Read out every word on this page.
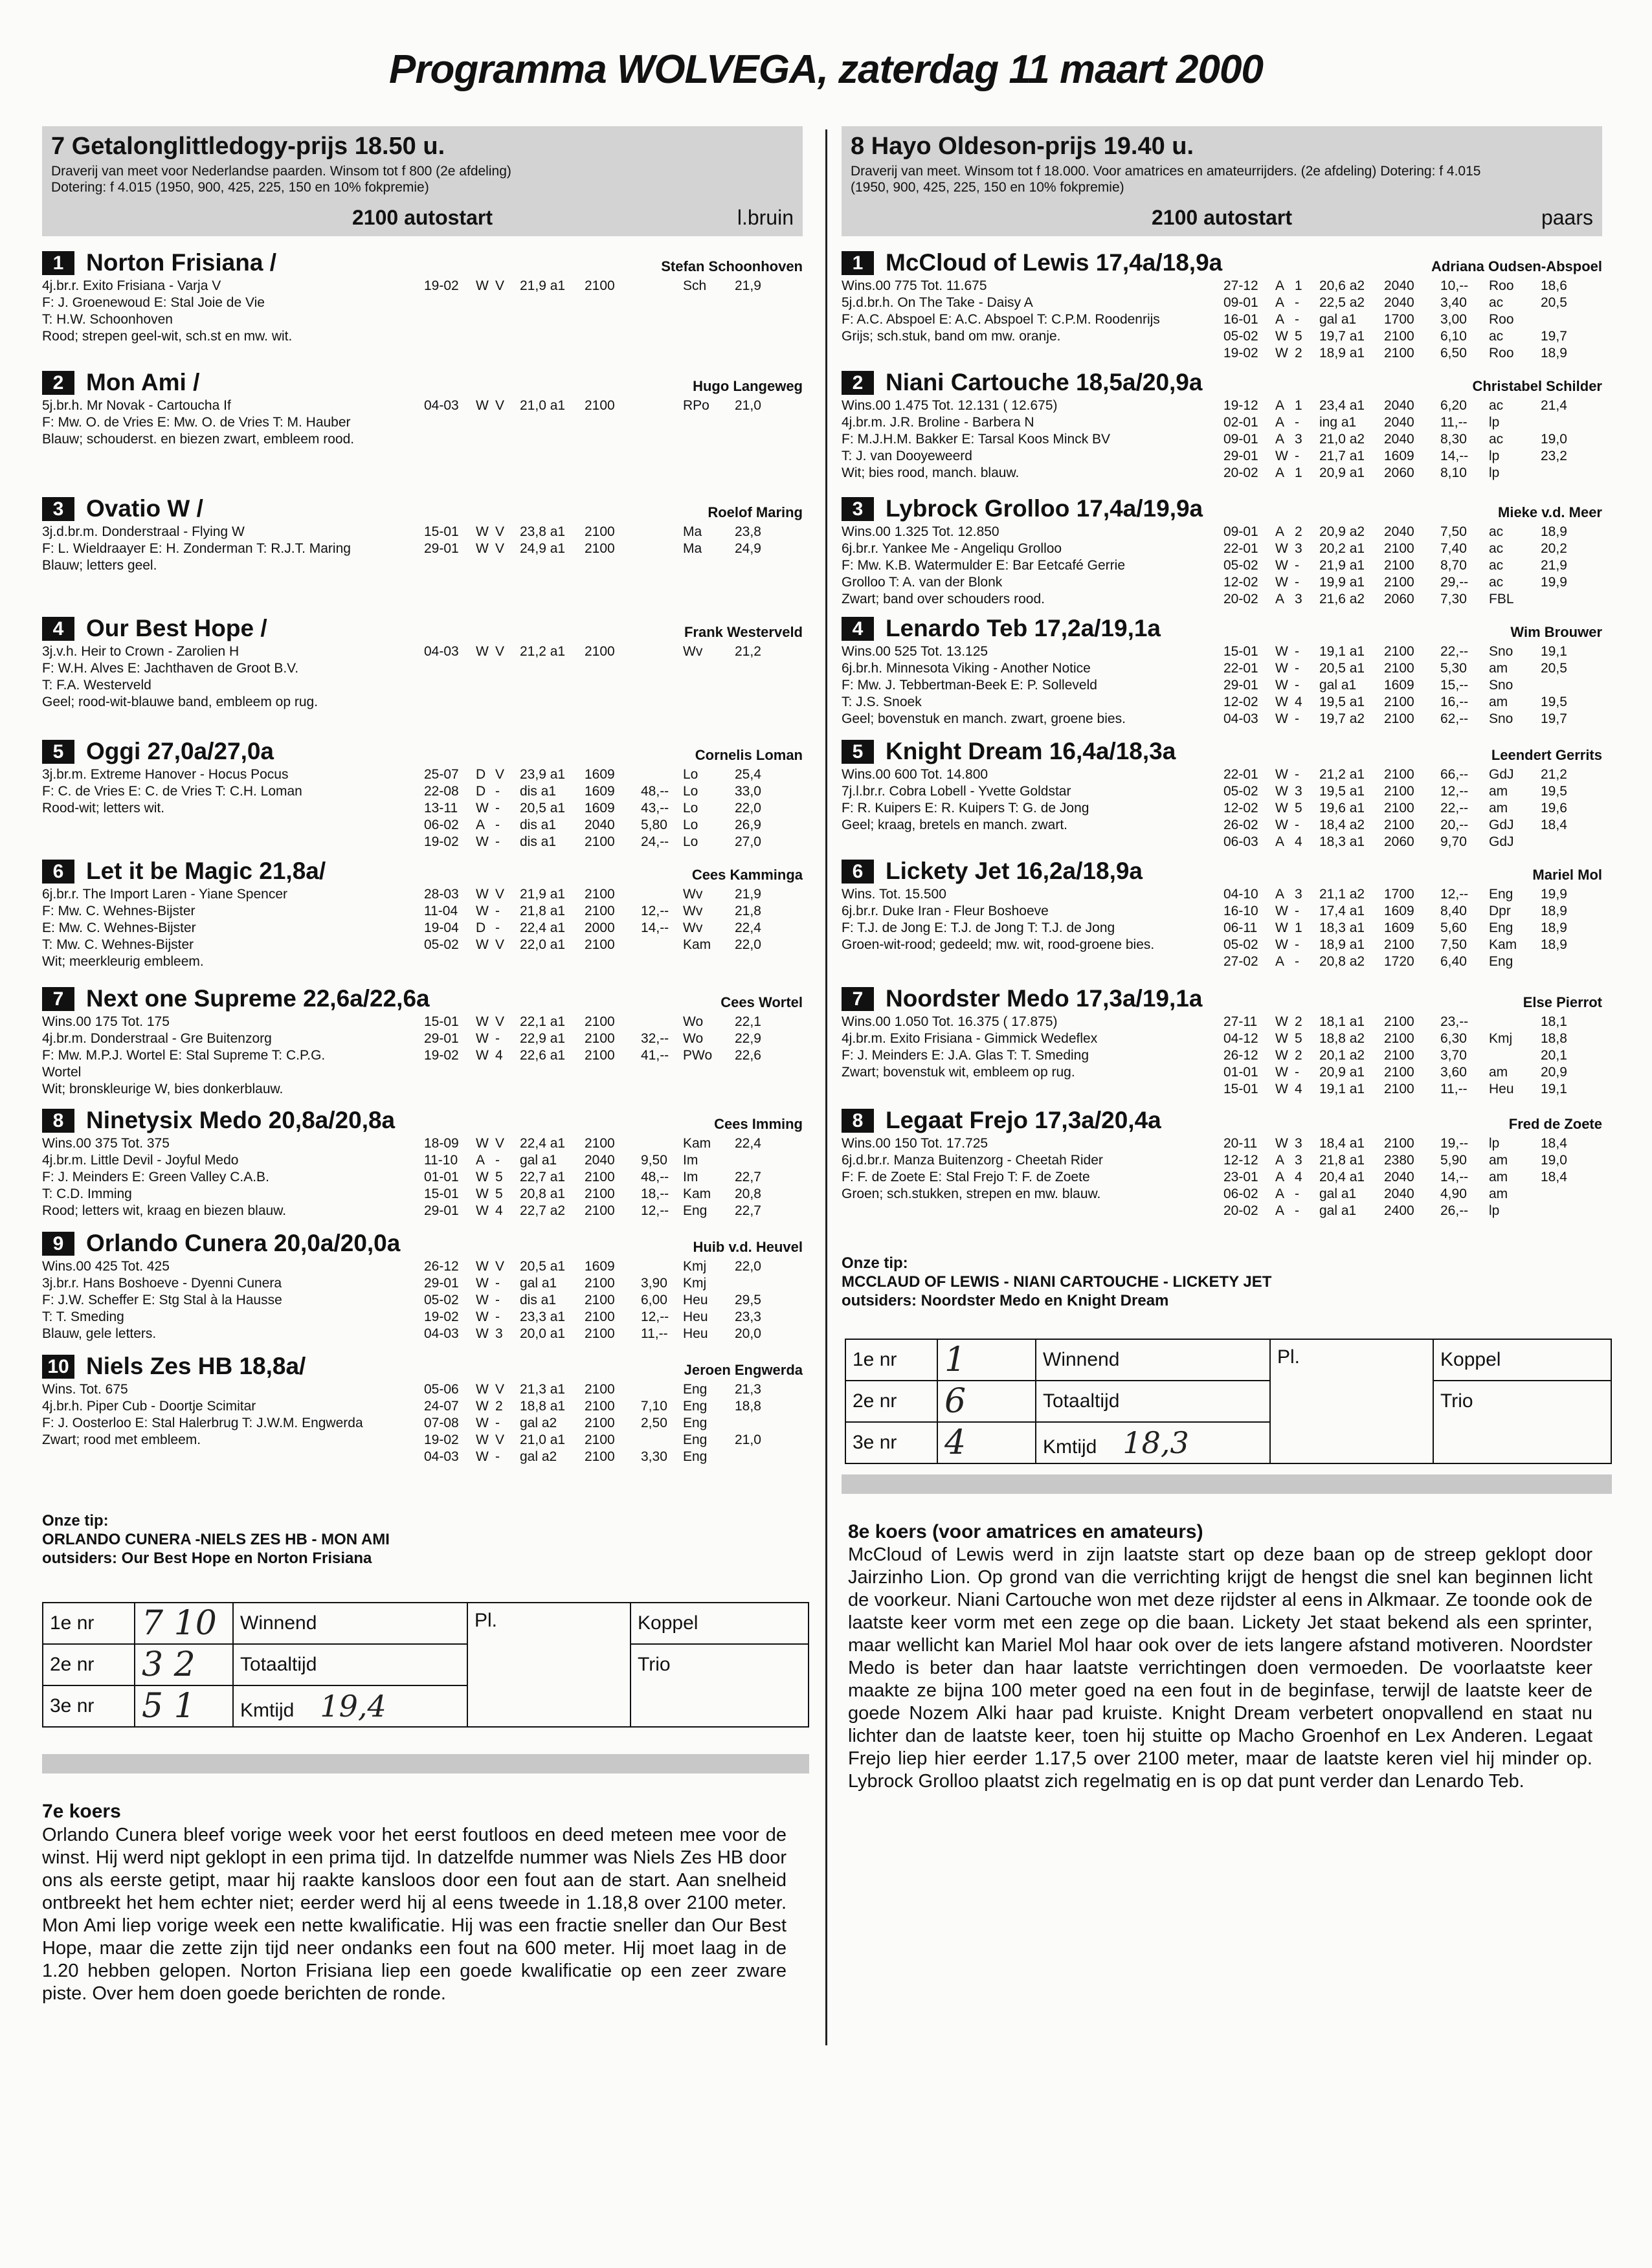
Programma WOLVEGA, zaterdag 11 maart 2000
7 Getalonglittledogy-prijs 18.50 u.
Draverij van meet voor Nederlandse paarden. Winsom tot f 800 (2e afdeling)
Dotering: f 4.015 (1950, 900, 425, 225, 150 en 10% fokpremie)
2100 autostart	l.bruin
1 Norton Frisiana /	Stefan Schoonhoven
4j.br.r. Exito Frisiana - Varja V
F: J. Groenewoud E: Stal Joie de Vie
T: H.W. Schoonhoven
Rood; strepen geel-wit, sch.st en mw. wit.
19-02 W V 21,9 a1 2100	Sch 21,9
2 Mon Ami /	Hugo Langeweg
5j.br.h. Mr Novak - Cartoucha If
F: Mw. O. de Vries E: Mw. O. de Vries T: M. Hauber
Blauw; schouderst. en biezen zwart, embleem rood.
04-03 W V 21,0 a1 2100	RPo 21,0
3 Ovatio W /	Roelof Maring
3j.d.br.m. Donderstraal - Flying W
F: L. Wieldraayer E: H. Zonderman T: R.J.T. Maring
Blauw; letters geel.
15-01 W V 23,8 a1 2100	Ma 23,8
29-01 W V 24,9 a1 2100	Ma 24,9
4 Our Best Hope /	Frank Westerveld
3j.v.h. Heir to Crown - Zarolien H
F: W.H. Alves E: Jachthaven de Groot B.V.
T: F.A. Westerveld
Geel; rood-wit-blauwe band, embleem op rug.
04-03 W V 21,2 a1 2100	Wv 21,2
5 Oggi 27,0a/27,0a	Cornelis Loman
3j.br.m. Extreme Hanover - Hocus Pocus
F: C. de Vries E: C. de Vries T: C.H. Loman
Rood-wit; letters wit.
25-07 D V 23,9 a1 1609	Lo	25,4
22-08 D - dis a1 1609 48,-- Lo	33,0
13-11 W - 20,5 a1 1609 43,-- Lo	22,0
06-02 A - dis a1 2040 5,80 Lo	26,9
19-02 W - dis a1 2100 24,-- Lo	27,0
6 Let it be Magic 21,8a/	Cees Kamminga
6j.br.r. The Import Laren - Yiane Spencer
F: Mw. C. Wehnes-Bijster
E: Mw. C. Wehnes-Bijster
T: Mw. C. Wehnes-Bijster
Wit; meerkleurig embleem.
28-03 W V 21,9 a1 2100	Wv 21,9
11-04 W - 21,8 a1 2100 12,-- Wv 21,8
19-04 D - 22,4 a1 2000 14,-- Wv 22,4
05-02 W V 22,0 a1 2100	Kam 22,0
7 Next one Supreme 22,6a/22,6a	Cees Wortel
Wins.00 175 Tot. 175
4j.br.m. Donderstraal - Gre Buitenzorg
F: Mw. M.P.J. Wortel E: Stal Supreme T: C.P.G.
Wortel
Wit; bronskleurige W, bies donkerblauw.
15-01 W V 22,1 a1 2100	Wo 22,1
29-01 W - 22,9 a1 2100 32,-- Wo 22,9
19-02 W 4 22,6 a1 2100 41,-- PWo 22,6
8 Ninetysix Medo 20,8a/20,8a	Cees Imming
Wins.00 375 Tot. 375
4j.br.m. Little Devil - Joyful Medo
F: J. Meinders E: Green Valley C.A.B.
T: C.D. Imming
Rood; letters wit, kraag en biezen blauw.
18-09 W V 22,4 a1 2100	Kam 22,4
11-10 A - gal a1 2040 9,50 Im
01-01 W 5 22,7 a1 2100 48,-- Im	22,7
15-01 W 5 20,8 a1 2100 18,-- Kam 20,8
29-01 W 4 22,7 a2 2100 12,-- Eng 22,7
9 Orlando Cunera 20,0a/20,0a	Huib v.d. Heuvel
Wins.00 425 Tot. 425
3j.br.r. Hans Boshoeve - Dyenni Cunera
F: J.W. Scheffer E: Stg Stal à la Hausse
T: T. Smeding
Blauw, gele letters.
26-12 W V 20,5 a1 1609	Kmj 22,0
29-01 W - gal a1 2100 3,90 Kmj
05-02 W - dis a1 2100 6,00 Heu 29,5
19-02 W - 23,3 a1 2100 12,-- Heu 23,3
04-03 W 3 20,0 a1 2100 11,-- Heu 20,0
10 Niels Zes HB 18,8a/	Jeroen Engwerda
Wins. Tot. 675
4j.br.h. Piper Cub - Doortje Scimitar
F: J. Oosterloo E: Stal Halerbrug T: J.W.M. Engwerda
Zwart; rood met embleem.
05-06 W V 21,3 a1 2100	Eng 21,3
24-07 W 2 18,8 a1 2100 7,10 Eng 18,8
07-08 W - gal a2 2100 2,50 Eng
19-02 W V 21,0 a1 2100	Eng 21,0
04-03 W - gal a2 2100 3,30 Eng
8 Hayo Oldeson-prijs 19.40 u.
Draverij van meet. Winsom tot f 18.000. Voor amatrices en amateurrijders. (2e afdeling) Dotering: f 4.015
(1950, 900, 425, 225, 150 en 10% fokpremie)
2100 autostart	paars
1 McCloud of Lewis 17,4a/18,9a	Adriana Oudsen-Abspoel
Wins.00 775 Tot. 11.675
5j.d.br.h. On The Take - Daisy A
F: A.C. Abspoel E: A.C. Abspoel T: C.P.M. Roodenrijs
Grijs; sch.stuk, band om mw. oranje.
27-12 A 1 20,6 a2 2040 10,-- Roo 18,6
09-01 A - 22,5 a2 2040 3,40 ac	20,5
16-01 A - gal a1 1700 3,00 Roo
05-02 W 5 19,7 a1 2100 6,10 ac	19,7
19-02 W 2 18,9 a1 2100 6,50 Roo 18,9
2 Niani Cartouche 18,5a/20,9a	Christabel Schilder
Wins.00 1.475 Tot. 12.131 ( 12.675)
4j.br.m. J.R. Broline - Barbera N
F: M.J.H.M. Bakker E: Tarsal Koos Minck BV
T: J. van Dooyeweerd
Wit; bies rood, manch. blauw.
19-12 A 1 23,4 a1 2040 6,20 ac	21,4
02-01 A - ing a1 2040 11,-- lp
09-01 A 3 21,0 a2 2040 8,30 ac	19,0
29-01 W - 21,7 a1 1609 14,-- lp	23,2
20-02 A 1 20,9 a1 2060 8,10 lp
3 Lybrock Grolloo 17,4a/19,9a	Mieke v.d. Meer
Wins.00 1.325 Tot. 12.850
6j.br.r. Yankee Me - Angeliqu Grolloo
F: Mw. K.B. Watermulder E: Bar Eetcafé Gerrie
Grolloo T: A. van der Blonk
Zwart; band over schouders rood.
09-01 A 2 20,9 a2 2040 7,50 ac	18,9
22-01 W 3 20,2 a1 2100 7,40 ac	20,2
05-02 W - 21,9 a1 2100 8,70 ac	21,9
12-02 W - 19,9 a1 2100 29,-- ac	19,9
20-02 A 3 21,6 a2 2060 7,30 FBL
4 Lenardo Teb 17,2a/19,1a	Wim Brouwer
Wins.00 525 Tot. 13.125
6j.br.h. Minnesota Viking - Another Notice
F: Mw. J. Tebbertman-Beek E: P. Solleveld
T: J.S. Snoek
Geel; bovenstuk en manch. zwart, groene bies.
15-01 W - 19,1 a1 2100 22,-- Sno 19,1
22-01 W - 20,5 a1 2100 5,30 am 20,5
29-01 W - gal a1 1609 15,-- Sno
12-02 W 4 19,5 a1 2100 16,-- am 19,5
04-03 W - 19,7 a2 2100 62,-- Sno 19,7
5 Knight Dream 16,4a/18,3a	Leendert Gerrits
Wins.00 600 Tot. 14.800
7j.l.br.r. Cobra Lobell - Yvette Goldstar
F: R. Kuipers E: R. Kuipers T: G. de Jong
Geel; kraag, bretels en manch. zwart.
22-01 W - 21,2 a1 2100 66,-- GdJ 21,2
05-02 W 3 19,5 a1 2100 12,-- am 19,5
12-02 W 5 19,6 a1 2100 22,-- am 19,6
26-02 W - 18,4 a2 2100 20,-- GdJ 18,4
06-03 A 4 18,3 a1 2060 9,70 GdJ
6 Lickety Jet 16,2a/18,9a	Mariel Mol
Wins. Tot. 15.500
6j.br.r. Duke Iran - Fleur Boshoeve
F: T.J. de Jong E: T.J. de Jong T: T.J. de Jong
Groen-wit-rood; gedeeld; mw. wit, rood-groene bies.
04-10 A 3 21,1 a2 1700 12,-- Eng 19,9
16-10 W - 17,4 a1 1609 8,40 Dpr 18,9
06-11 W 1 18,3 a1 1609 5,60 Eng 18,9
05-02 W - 18,9 a1 2100 7,50 Kam 18,9
27-02 A - 20,8 a2 1720 6,40 Eng
7 Noordster Medo 17,3a/19,1a	Else Pierrot
Wins.00 1.050 Tot. 16.375 ( 17.875)
4j.br.m. Exito Frisiana - Gimmick Wedeflex
F: J. Meinders E: J.A. Glas T: T. Smeding
Zwart; bovenstuk wit, embleem op rug.
27-11 W 2 18,1 a1 2100 23,--	18,1
04-12 W 5 18,8 a2 2100 6,30 Kmj 18,8
26-12 W 2 20,1 a2 2100 3,70	20,1
01-01 W - 20,9 a1 2100 3,60 am 20,9
15-01 W 4 19,1 a1 2100 11,-- Heu 19,1
8 Legaat Frejo 17,3a/20,4a	Fred de Zoete
Wins.00 150 Tot. 17.725
6j.d.br.r. Manza Buitenzorg - Cheetah Rider
F: F. de Zoete E: Stal Frejo T: F. de Zoete
Groen; sch.stukken, strepen en mw. blauw.
20-11 W 3 18,4 a1 2100 19,-- lp	18,4
12-12 A 3 21,8 a1 2380 5,90 am 19,0
23-01 A 4 20,4 a1 2040 14,-- am 18,4
06-02 A - gal a1 2040 4,90 am
20-02 A - gal a1 2400 26,-- lp
Onze tip:
ORLANDO CUNERA -NIELS ZES HB - MON AMI
outsiders: Our Best Hope en Norton Frisiana
1e nr	7 10	Winnend	Pl.	Koppel
2e nr	3 2	Totaaltijd		Trio
3e nr	5 1	Kmtijd 19,4		
7e koers
Orlando Cunera bleef vorige week voor het eerst foutloos en deed meteen mee voor de winst. Hij werd nipt geklopt in een prima tijd. In datzelfde nummer was Niels Zes HB door ons als eerste getipt, maar hij raakte kansloos door een fout aan de start. Aan snelheid ontbreekt het hem echter niet; eerder werd hij al eens tweede in 1.18,8 over 2100 meter. Mon Ami liep vorige week een nette kwalificatie. Hij was een fractie sneller dan Our Best Hope, maar die zette zijn tijd neer ondanks een fout na 600 meter. Hij moet laag in de 1.20 hebben gelopen. Norton Frisiana liep een goede kwalificatie op een zeer zware piste. Over hem doen goede berichten de ronde.
Onze tip:
MCCLAUD OF LEWIS - NIANI CARTOUCHE - LICKETY JET
outsiders: Noordster Medo en Knight Dream
1e nr	1	Winnend	Pl.	Koppel
2e nr	6	Totaaltijd		Trio
3e nr	4	Kmtijd 18,3		
8e koers (voor amatrices en amateurs)
McCloud of Lewis werd in zijn laatste start op deze baan op de streep geklopt door Jairzinho Lion. Op grond van die verrichting krijgt de hengst die snel kan beginnen licht de voorkeur. Niani Cartouche won met deze rijdster al eens in Alkmaar. Ze toonde ook de laatste keer vorm met een zege op die baan. Lickety Jet staat bekend als een sprinter, maar wellicht kan Mariel Mol haar ook over de iets langere afstand motiveren. Noordster Medo is beter dan haar laatste verrichtingen doen vermoeden. De voorlaatste keer maakte ze bijna 100 meter goed na een fout in de beginfase, terwijl de laatste keer de goede Nozem Alki haar pad kruiste. Knight Dream verbetert onopvallend en staat nu lichter dan de laatste keer, toen hij stuitte op Macho Groenhof en Lex Anderen. Legaat Frejo liep hier eerder 1.17,5 over 2100 meter, maar de laatste keren viel hij minder op. Lybrock Grolloo plaatst zich regelmatig en is op dat punt verder dan Lenardo Teb.
